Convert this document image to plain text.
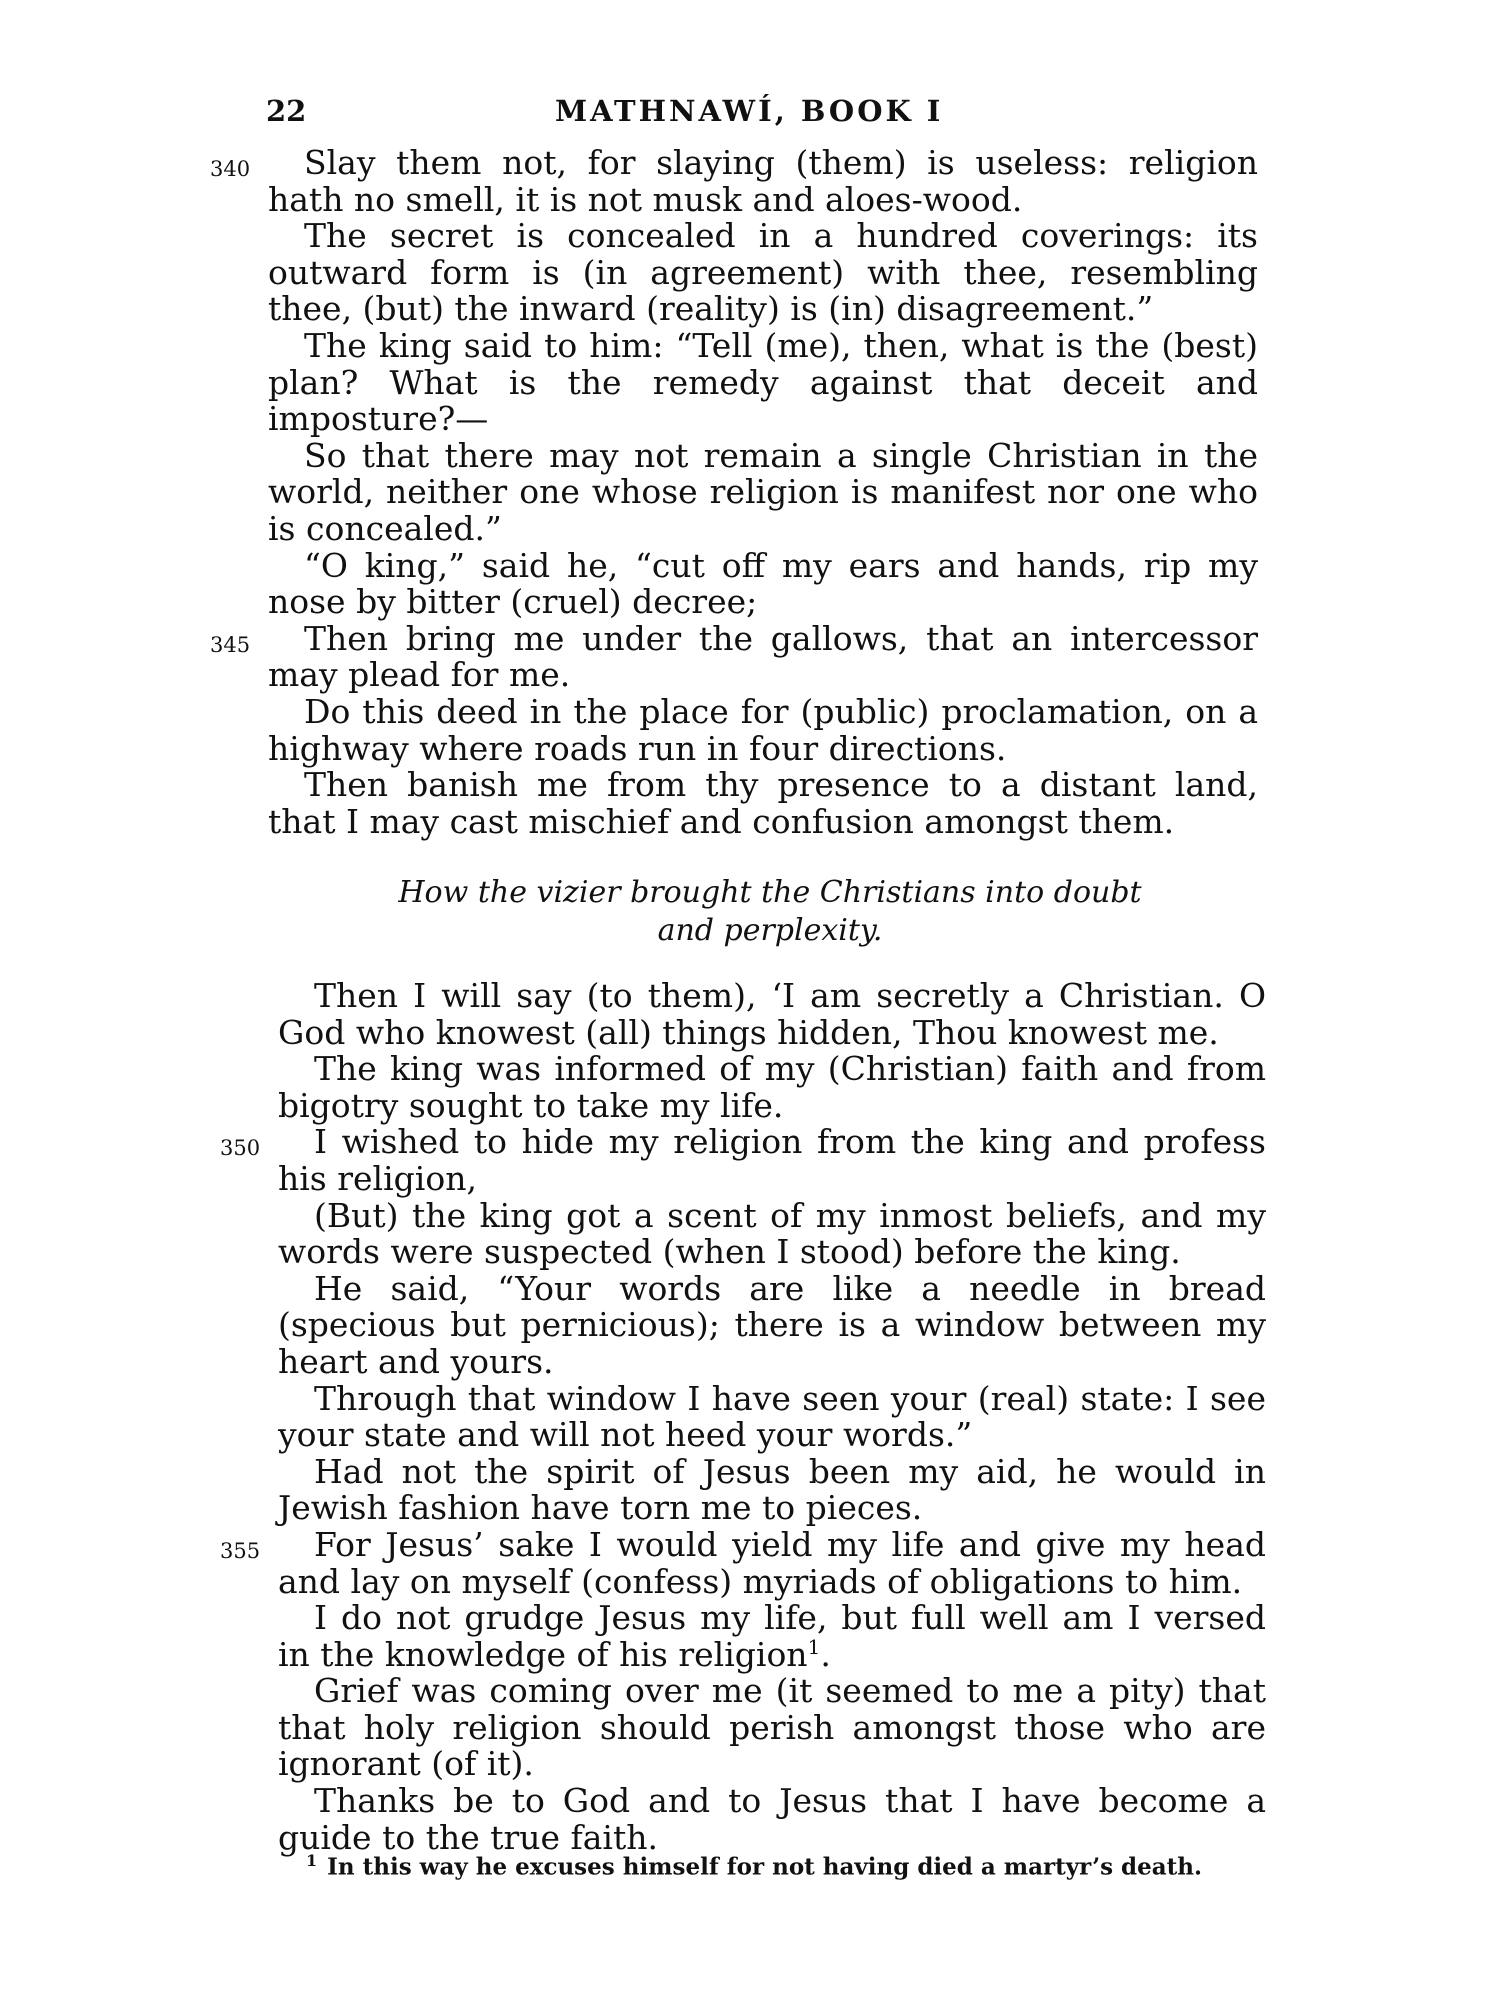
22	MATHNAWÍ, BOOK I
340	Slay them not, for slaying (them) is useless: religion hath no smell, it is not musk and aloes-wood.
The secret is concealed in a hundred coverings: its outward form is (in agreement) with thee, resembling thee, (but) the inward (reality) is (in) disagreement.”
The king said to him: “Tell (me), then, what is the (best) plan? What is the remedy against that deceit and imposture?—
So that there may not remain a single Christian in the world, neither one whose religion is manifest nor one who is concealed.”
“O king,” said he, “cut off my ears and hands, rip my nose by bitter (cruel) decree;
345	Then bring me under the gallows, that an intercessor may plead for me.
Do this deed in the place for (public) proclamation, on a highway where roads run in four directions.
Then banish me from thy presence to a distant land, that I may cast mischief and confusion amongst them.
How the vizier brought the Christians into doubt and perplexity.
Then I will say (to them), ‘I am secretly a Christian. O God who knowest (all) things hidden, Thou knowest me.
The king was informed of my (Christian) faith and from bigotry sought to take my life.
350	I wished to hide my religion from the king and profess his religion,
(But) the king got a scent of my inmost beliefs, and my words were suspected (when I stood) before the king.
He said, “Your words are like a needle in bread (specious but pernicious); there is a window between my heart and yours.
Through that window I have seen your (real) state: I see your state and will not heed your words.”
Had not the spirit of Jesus been my aid, he would in Jewish fashion have torn me to pieces.
355	For Jesus’ sake I would yield my life and give my head and lay on myself (confess) myriads of obligations to him.
I do not grudge Jesus my life, but full well am I versed in the knowledge of his religion$^1$.
Grief was coming over me (it seemed to me a pity) that that holy religion should perish amongst those who are ignorant (of it).
Thanks be to God and to Jesus that I have become a guide to the true faith.
$^1$ In this way he excuses himself for not having died a martyr’s death.
